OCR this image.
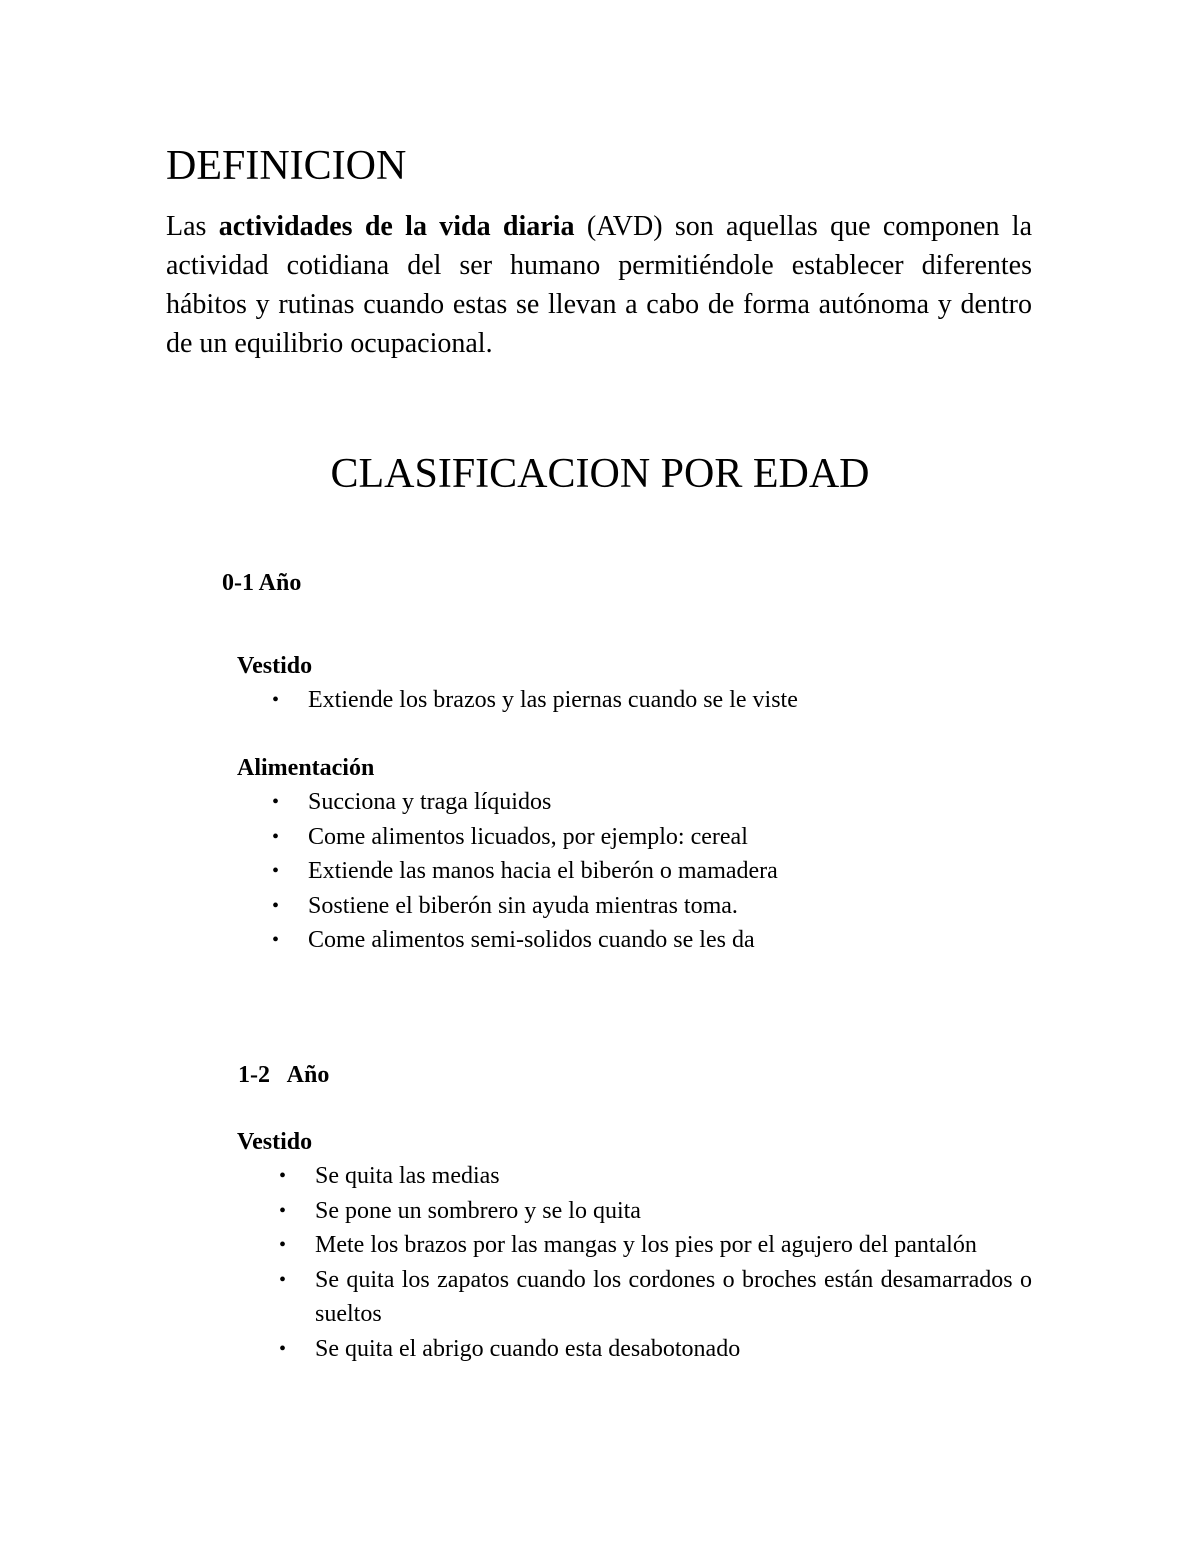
DEFINICION

Las actividades de la vida diaria (AVD) son aquellas que componen la actividad cotidiana del ser humano permitiéndole establecer diferentes hábitos y rutinas cuando estas se llevan a cabo de forma autónoma y dentro de un equilibrio ocupacional.

CLASIFICACION POR EDAD
0-1 Año
Vestido
• Extiende los brazos y las piernas cuando se le viste
Alimentación
• Succiona y traga líquidos
• Come alimentos licuados, por ejemplo: cereal
• Extiende las manos hacia el biberón o mamadera
• Sostiene el biberón sin ayuda mientras toma.
• Come alimentos semi-solidos cuando se les da
1-2   Año
Vestido
• Se quita las medias
• Se pone un sombrero y se lo quita
• Mete los brazos por las mangas y los pies por el agujero del pantalón
• Se quita los zapatos cuando los cordones o broches están desamarrados o sueltos
• Se quita el abrigo cuando esta desabotonado
